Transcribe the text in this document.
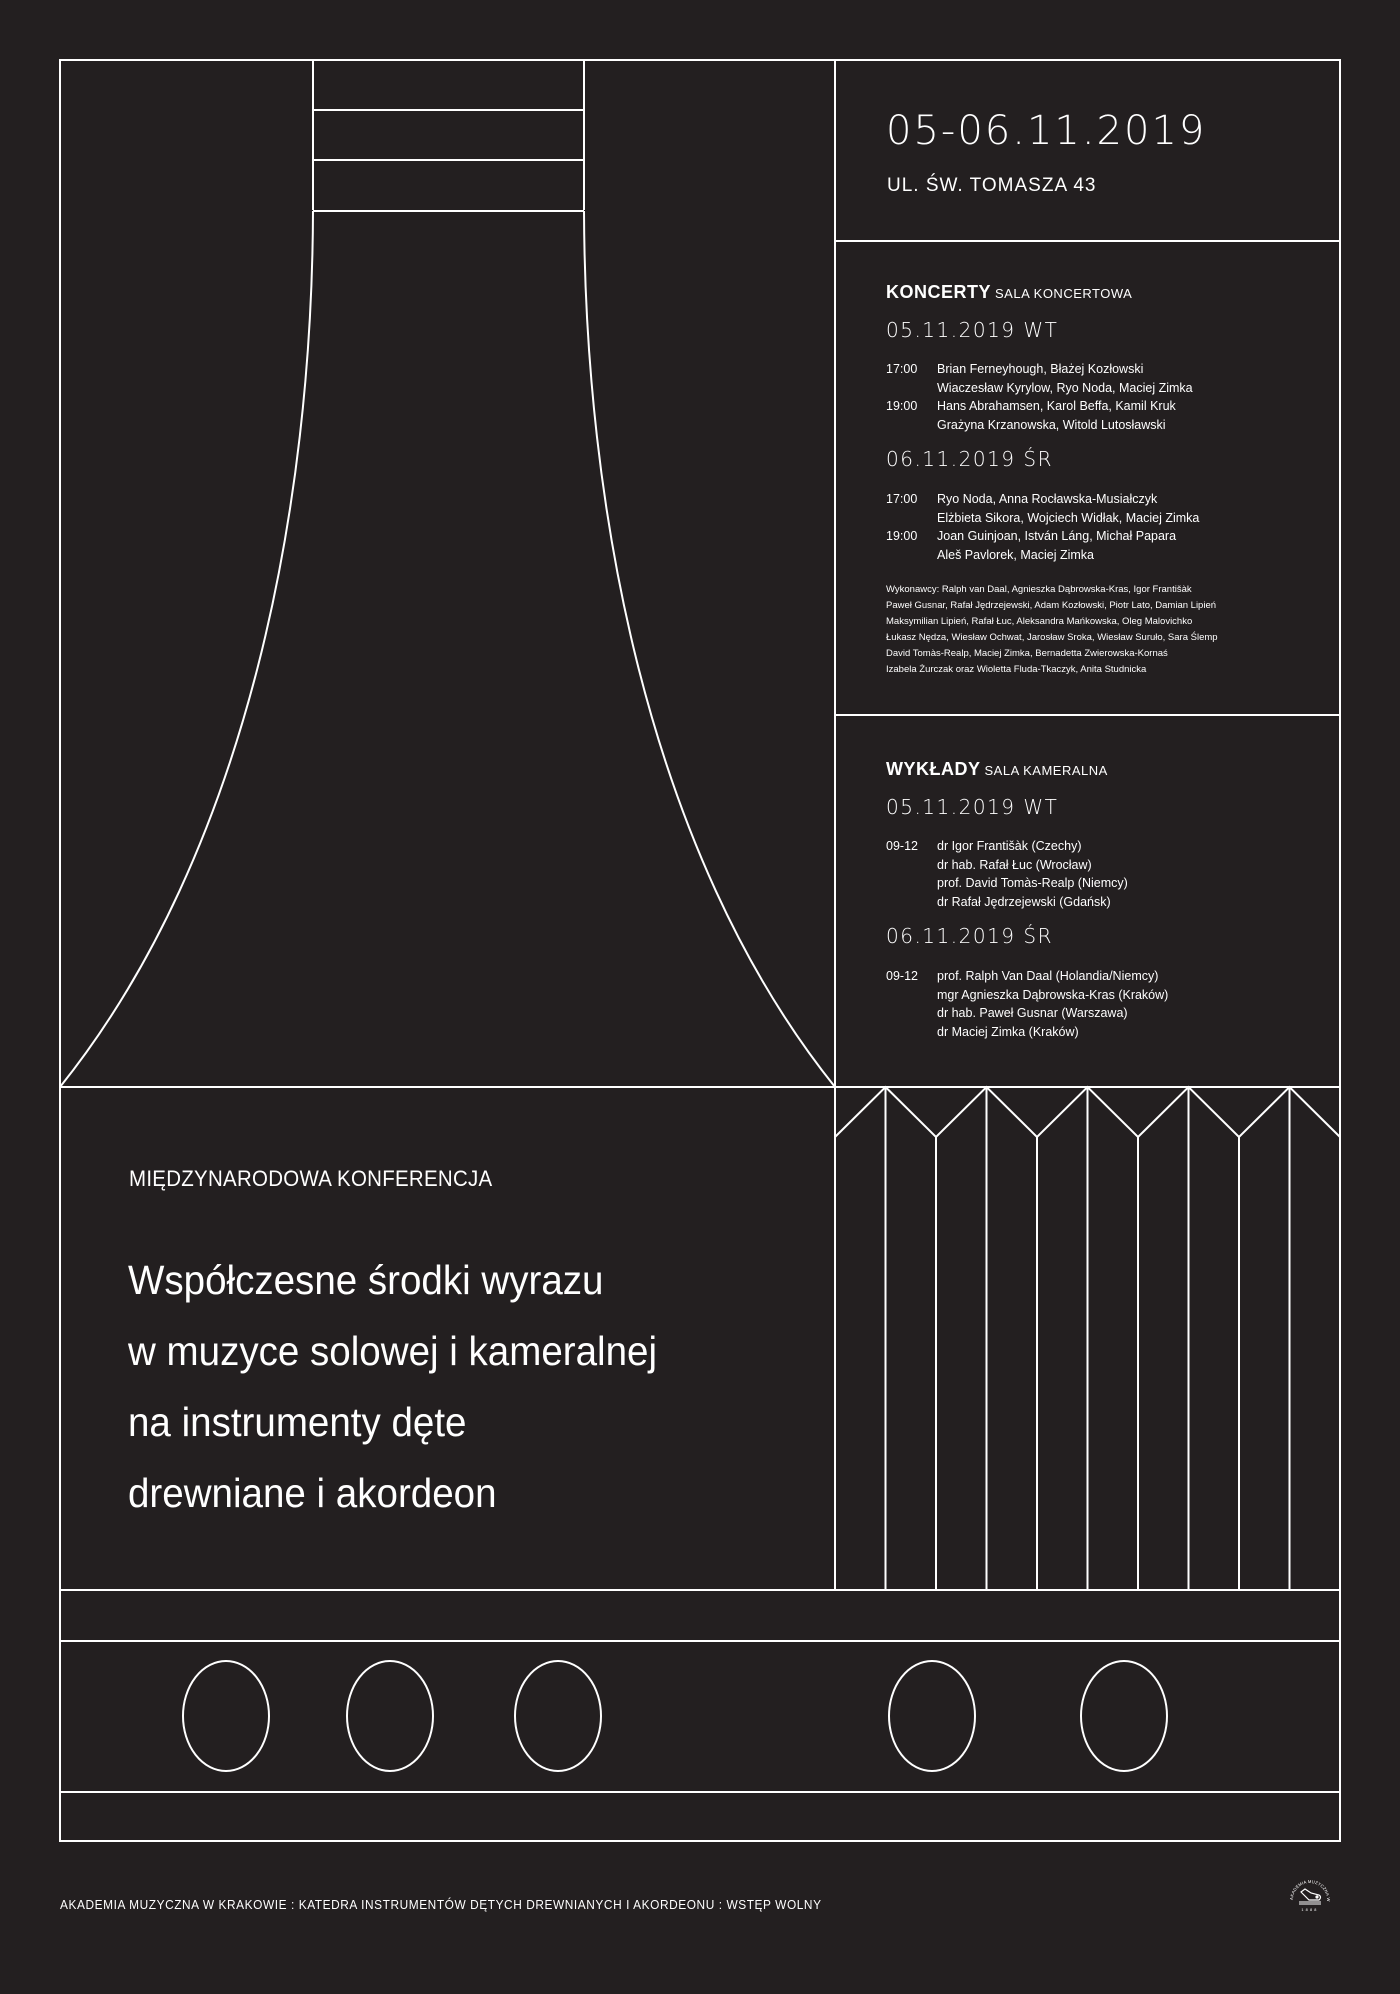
05-06.11.2019
UL. ŚW. TOMASZA 43
KONCERTY SALA KONCERTOWA
05.11.2019 WT
17:00	Brian Ferneyhough, Błażej Kozłowski
Wiaczesław Kyrylow, Ryo Noda, Maciej Zimka
19:00	Hans Abrahamsen, Karol Beffa, Kamil Kruk
Grażyna Krzanowska, Witold Lutosławski
06.11.2019 ŚR
17:00	Ryo Noda, Anna Rocławska-Musiałczyk
Elżbieta Sikora, Wojciech Widłak, Maciej Zimka
19:00	Joan Guinjoan, István Láng, Michał Papara
Aleš Pavlorek, Maciej Zimka
Wykonawcy: Ralph van Daal, Agnieszka Dąbrowska-Kras, Igor Františàk
Paweł Gusnar, Rafał Jędrzejewski, Adam Kozłowski, Piotr Lato, Damian Lipień
Maksymilian Lipień, Rafał Łuc, Aleksandra Mańkowska, Oleg Malovichko
Łukasz Nędza, Wiesław Ochwat, Jarosław Sroka, Wiesław Suruło, Sara Ślemp
David Tomàs-Realp, Maciej Zimka, Bernadetta Zwierowska-Kornaś
Izabela Żurczak oraz Wioletta Fluda-Tkaczyk, Anita Studnicka
WYKŁADY SALA KAMERALNA
05.11.2019 WT
09-12	dr Igor Františàk (Czechy)
dr hab. Rafał Łuc (Wrocław)
prof. David Tomàs-Realp (Niemcy)
dr Rafał Jędrzejewski (Gdańsk)
06.11.2019 ŚR
09-12	prof. Ralph Van Daal (Holandia/Niemcy)
mgr Agnieszka Dąbrowska-Kras (Kraków)
dr hab. Paweł Gusnar (Warszawa)
dr Maciej Zimka (Kraków)
MIĘDZYNARODOWA KONFERENCJA
Współczesne środki wyrazu
w muzyce solowej i kameralnej
na instrumenty dęte
drewniane i akordeon
AKADEMIA MUZYCZNA W KRAKOWIE : KATEDRA INSTRUMENTÓW DĘTYCH DREWNIANYCH I AKORDEONU : WSTĘP WOLNY	AKADEMIA MUZYCZNA W
1888
